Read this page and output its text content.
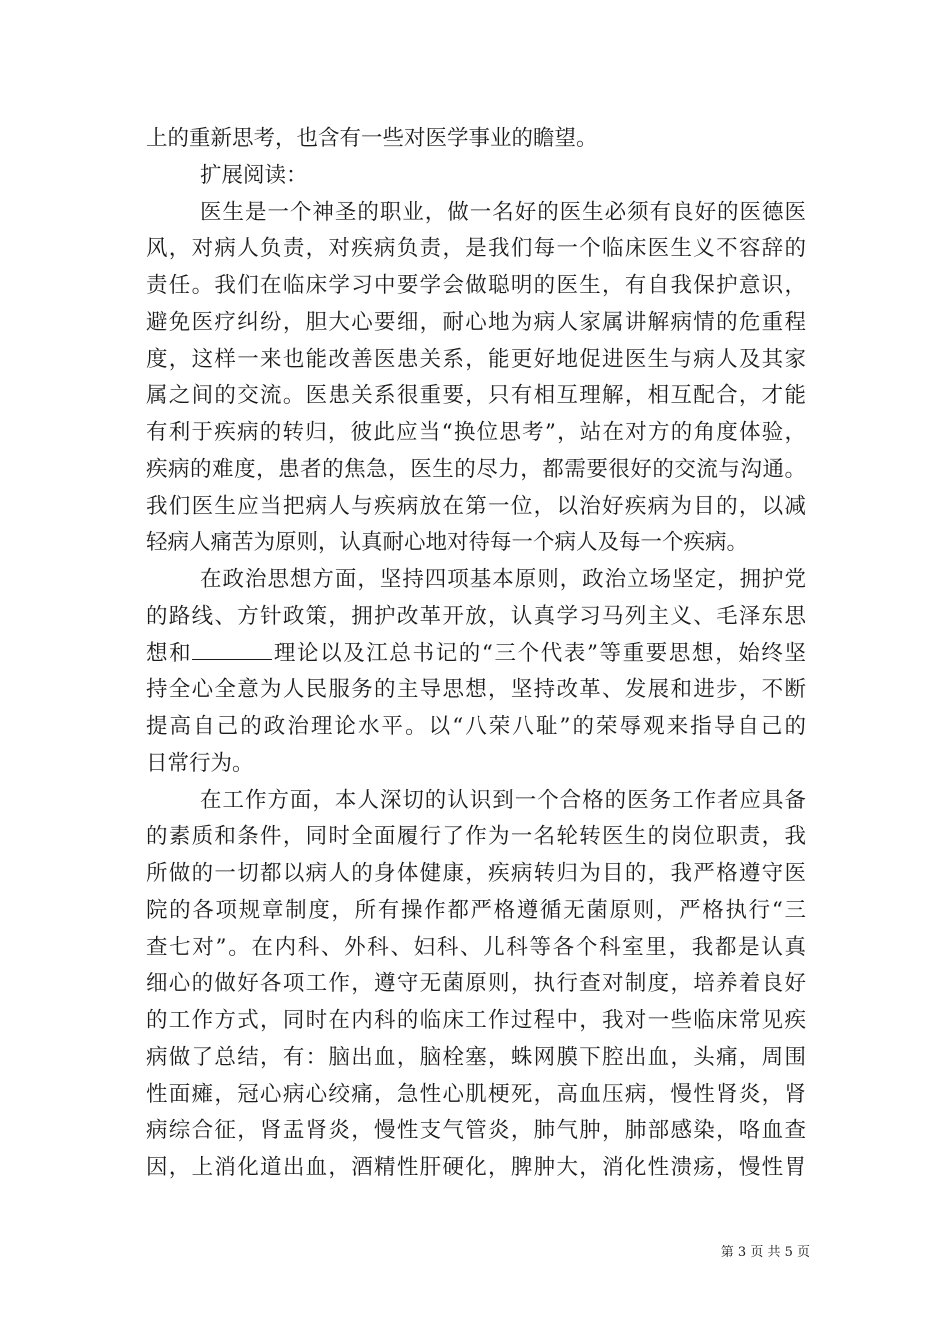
上的重新思考，也含有一些对医学事业的瞻望。
扩展阅读：
医生是一个神圣的职业，做一名好的医生必须有良好的医德医
风，对病人负责，对疾病负责，是我们每一个临床医生义不容辞的
责任。我们在临床学习中要学会做聪明的医生，有自我保护意识，
避免医疗纠纷，胆大心要细，耐心地为病人家属讲解病情的危重程
度，这样一来也能改善医患关系，能更好地促进医生与病人及其家
属之间的交流。医患关系很重要，只有相互理解，相互配合，才能
有利于疾病的转归，彼此应当“换位思考”，站在对方的角度体验，
疾病的难度，患者的焦急，医生的尽力，都需要很好的交流与沟通。
我们医生应当把病人与疾病放在第一位，以治好疾病为目的，以减
轻病人痛苦为原则，认真耐心地对待每一个病人及每一个疾病。
在政治思想方面，坚持四项基本原则，政治立场坚定，拥护党
的路线、方针政策，拥护改革开放，认真学习马列主义、毛泽东思
想和	理论以及江总书记的“三个代表”等重要思想，始终坚
持全心全意为人民服务的主导思想，坚持改革、发展和进步，不断
提高自己的政治理论水平。以“八荣八耻”的荣辱观来指导自己的
日常行为。
在工作方面，本人深切的认识到一个合格的医务工作者应具备
的素质和条件，同时全面履行了作为一名轮转医生的岗位职责，我
所做的一切都以病人的身体健康，疾病转归为目的，我严格遵守医
院的各项规章制度，所有操作都严格遵循无菌原则，严格执行“三
查七对”。在内科、外科、妇科、儿科等各个科室里，我都是认真
细心的做好各项工作，遵守无菌原则，执行查对制度，培养着良好
的工作方式，同时在内科的临床工作过程中，我对一些临床常见疾
病做了总结，有：脑出血，脑栓塞，蛛网膜下腔出血，头痛，周围
性面瘫，冠心病心绞痛，急性心肌梗死，高血压病，慢性肾炎，肾
病综合征，肾盂肾炎，慢性支气管炎，肺气肿，肺部感染，咯血查
因，上消化道出血，酒精性肝硬化，脾肿大，消化性溃疡，慢性胃
第 3 页 共 5 页
